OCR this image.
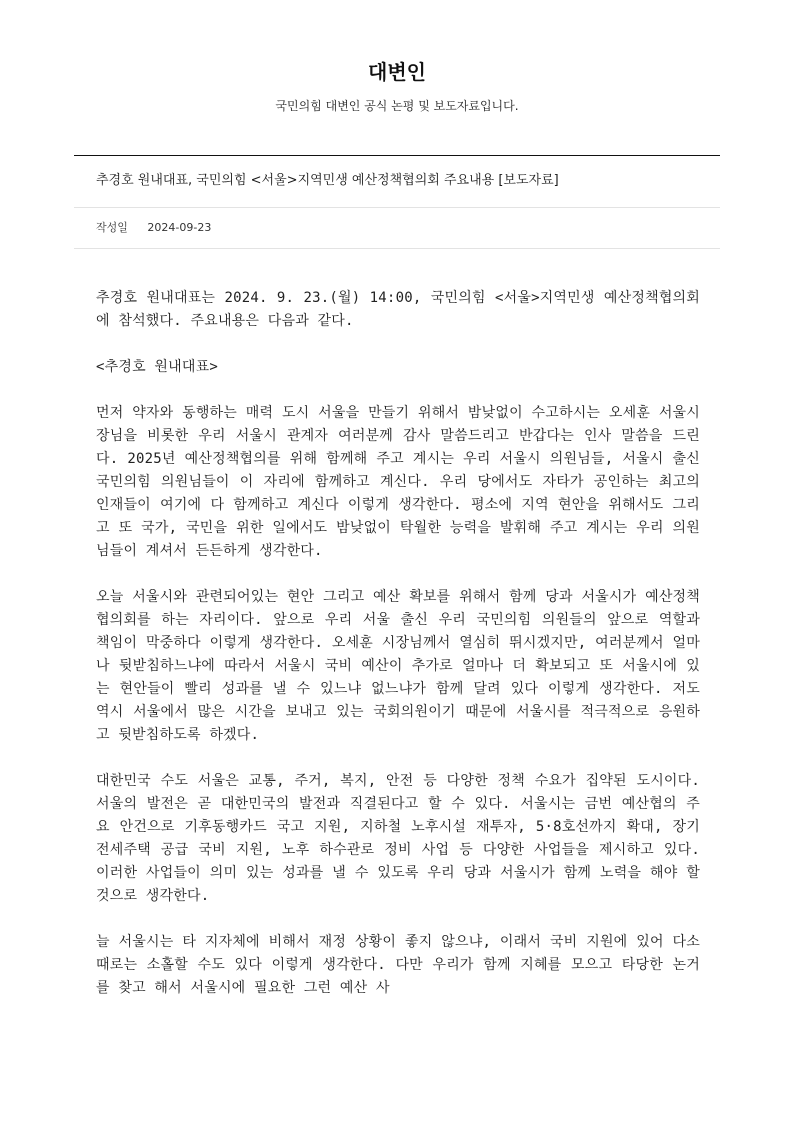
대변인
국민의힘 대변인 공식 논평 및 보도자료입니다.
추경호 원내대표, 국민의힘 <서울>지역민생 예산정책협의회 주요내용 [보도자료]
작성일 2024-09-23

추경호 원내대표는 2024. 9. 23.(월) 14:00, 국민의힘 <서울>지역민생 예산정책협의회에 참석했다. 주요내용은 다음과 같다.

<추경호 원내대표>

먼저 약자와 동행하는 매력 도시 서울을 만들기 위해서 밤낮없이 수고하시는 오세훈 서울시장님을 비롯한 우리 서울시 관계자 여러분께 감사 말씀드리고 반갑다는 인사 말씀을 드린다. 2025년 예산정책협의를 위해 함께해 주고 계시는 우리 서울시 의원님들, 서울시 출신 국민의힘 의원님들이 이 자리에 함께하고 계신다. 우리 당에서도 자타가 공인하는 최고의 인재들이 여기에 다 함께하고 계신다 이렇게 생각한다. 평소에 지역 현안을 위해서도 그리고 또 국가, 국민을 위한 일에서도 밤낮없이 탁월한 능력을 발휘해 주고 계시는 우리 의원님들이 계셔서 든든하게 생각한다.

오늘 서울시와 관련되어있는 현안 그리고 예산 확보를 위해서 함께 당과 서울시가 예산정책협의회를 하는 자리이다. 앞으로 우리 서울 출신 우리 국민의힘 의원들의 앞으로 역할과 책임이 막중하다 이렇게 생각한다. 오세훈 시장님께서 열심히 뛰시겠지만, 여러분께서 얼마나 뒷받침하느냐에 따라서 서울시 국비 예산이 추가로 얼마나 더 확보되고 또 서울시에 있는 현안들이 빨리 성과를 낼 수 있느냐 없느냐가 함께 달려 있다 이렇게 생각한다. 저도 역시 서울에서 많은 시간을 보내고 있는 국회의원이기 때문에 서울시를 적극적으로 응원하고 뒷받침하도록 하겠다.

대한민국 수도 서울은 교통, 주거, 복지, 안전 등 다양한 정책 수요가 집약된 도시이다. 서울의 발전은 곧 대한민국의 발전과 직결된다고 할 수 있다. 서울시는 금번 예산협의 주요 안건으로 기후동행카드 국고 지원, 지하철 노후시설 재투자, 5·8호선까지 확대, 장기전세주택 공급 국비 지원, 노후 하수관로 정비 사업 등 다양한 사업들을 제시하고 있다. 이러한 사업들이 의미 있는 성과를 낼 수 있도록 우리 당과 서울시가 함께 노력을 해야 할 것으로 생각한다.

늘 서울시는 타 지자체에 비해서 재정 상황이 좋지 않으냐, 이래서 국비 지원에 있어 다소 때로는 소홀할 수도 있다 이렇게 생각한다. 다만 우리가 함께 지혜를 모으고 타당한 논거를 찾고 해서 서울시에 필요한 그런 예산 사
